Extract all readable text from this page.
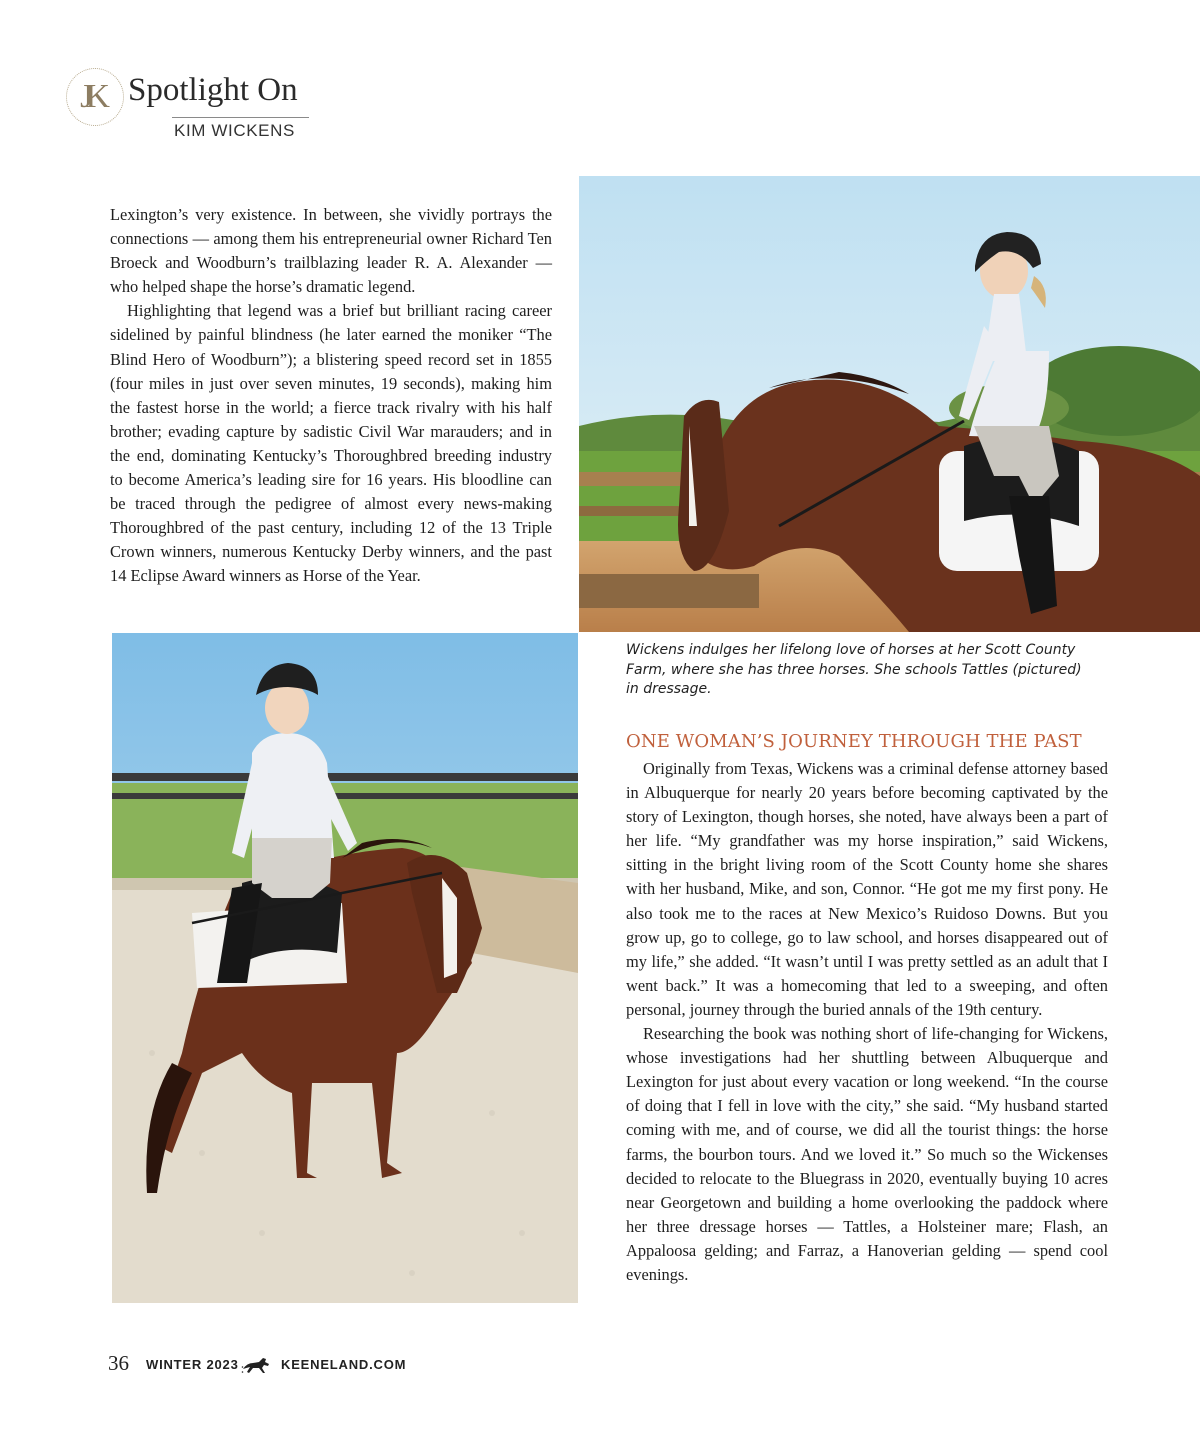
JK Spotlight On
KIM WICKENS

Lexington’s very existence. In between, she vividly portrays the connections — among them his entrepreneurial owner Richard Ten Broeck and Woodburn’s trailblazing leader R. A. Alexander — who helped shape the horse’s dramatic legend.

Highlighting that legend was a brief but brilliant racing career sidelined by painful blindness (he later earned the moniker “The Blind Hero of Woodburn”); a blistering speed record set in 1855 (four miles in just over seven minutes, 19 seconds), making him the fastest horse in the world; a fierce track rivalry with his half brother; evading capture by sadistic Civil War marauders; and in the end, dominating Kentucky’s Thoroughbred breeding industry to become America’s leading sire for 16 years. His bloodline can be traced through the pedigree of almost every news-making Thoroughbred of the past century, including 12 of the 13 Triple Crown winners, numerous Kentucky Derby winners, and the past 14 Eclipse Award winners as Horse of the Year.

Wickens indulges her lifelong love of horses at her Scott County Farm, where she has three horses. She schools Tattles (pictured) in dressage.
ONE WOMAN’S JOURNEY THROUGH THE PAST

Originally from Texas, Wickens was a criminal defense attorney based in Albuquerque for nearly 20 years before becoming captivated by the story of Lexington, though horses, she noted, have always been a part of her life. “My grandfather was my horse inspiration,” said Wickens, sitting in the bright living room of the Scott County home she shares with her husband, Mike, and son, Connor. “He got me my first pony. He also took me to the races at New Mexico’s Ruidoso Downs. But you grow up, go to college, go to law school, and horses disappeared out of my life,” she added. “It wasn’t until I was pretty settled as an adult that I went back.” It was a homecoming that led to a sweeping, and often personal, journey through the buried annals of the 19th century.

Researching the book was nothing short of life-changing for Wickens, whose investigations had her shuttling between Albuquerque and Lexington for just about every vacation or long weekend. “In the course of doing that I fell in love with the city,” she said. “My husband started coming with me, and of course, we did all the tourist things: the horse farms, the bourbon tours. And we loved it.” So much so the Wickenses decided to relocate to the Bluegrass in 2020, eventually buying 10 acres near Georgetown and building a home overlooking the paddock where her three dressage horses — Tattles, a Holsteiner mare; Flash, an Appaloosa gelding; and Farraz, a Hanoverian gelding — spend cool evenings.

36 WINTER 2023	KEENELAND.COM
